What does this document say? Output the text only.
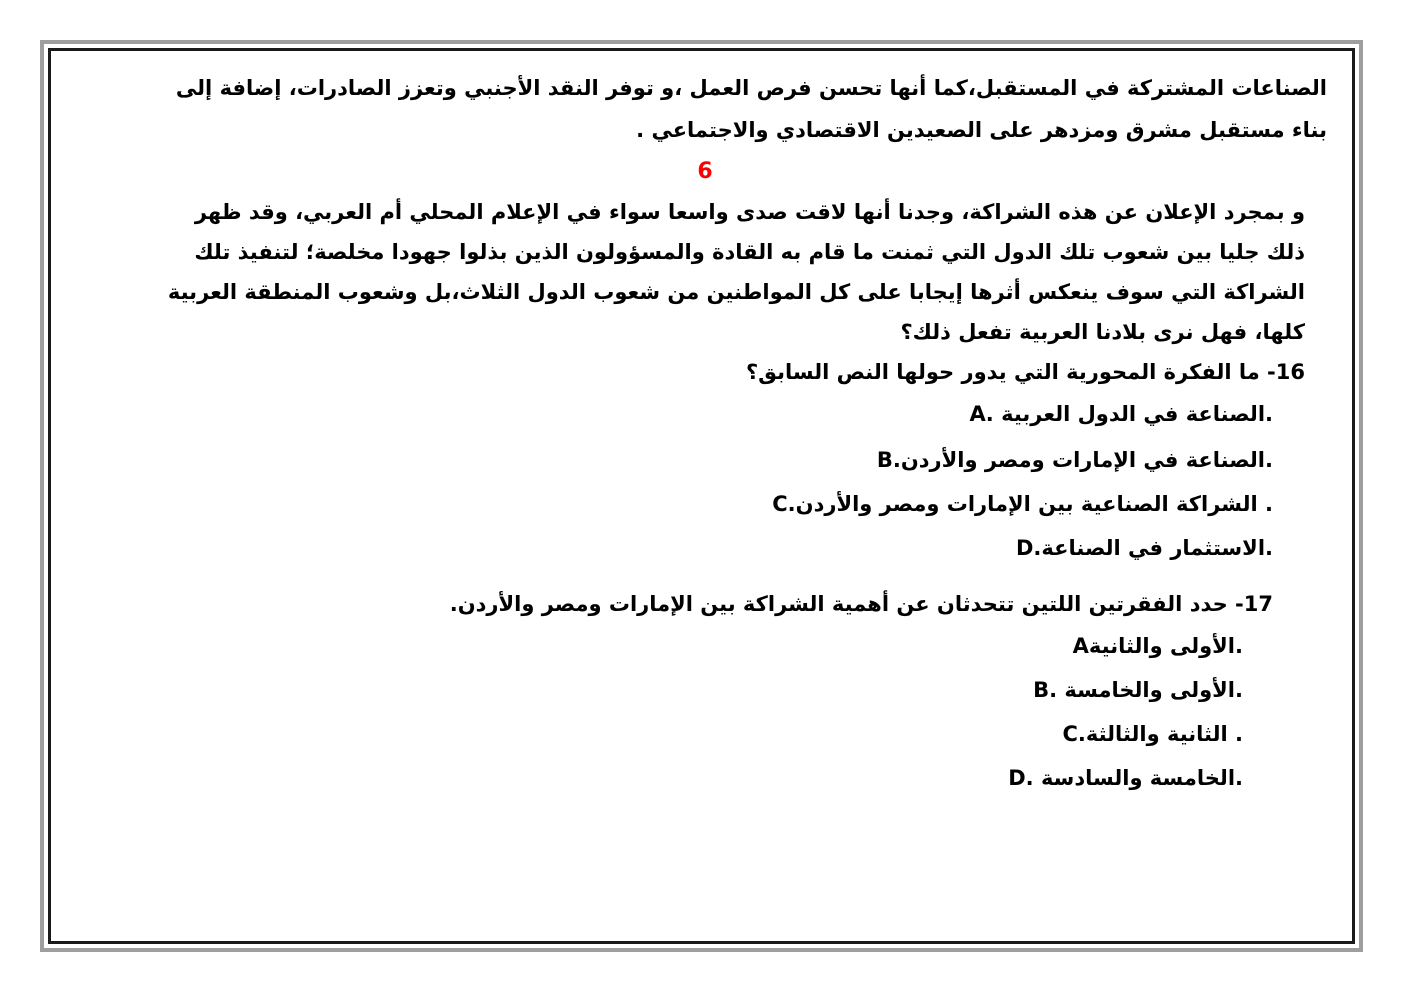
الصناعات المشتركة في المستقبل،كما أنها تحسن فرص العمل ،و توفر النقد الأجنبي وتعزز الصادرات، إضافة إلى
بناء مستقبل مشرق ومزدهر على الصعيدين الاقتصادي والاجتماعي .
6
و بمجرد الإعلان عن هذه الشراكة، وجدنا أنها لاقت صدى واسعا سواء في الإعلام المحلي أم العربي، وقد ظهر
ذلك جليا بين شعوب تلك الدول التي ثمنت ما قام به القادة والمسؤولون الذين بذلوا جهودا مخلصة؛ لتنفيذ تلك
الشراكة التي سوف ينعكس أثرها إيجابا على كل المواطنين من شعوب الدول الثلاث،بل وشعوب المنطقة العربية
كلها، فهل نرى بلادنا العربية تفعل ذلك؟
16- ما الفكرة المحورية التي يدور حولها النص السابق؟
.الصناعة في الدول العربية .A
.الصناعة في الإمارات ومصر والأردن.B
. الشراكة الصناعية بين الإمارات ومصر والأردن.C
.الاستثمار في الصناعة.D
17- حدد الفقرتين اللتين تتحدثان عن أهمية الشراكة بين الإمارات ومصر والأردن.
.الأولى والثانيةA
.الأولى والخامسة .B
. الثانية والثالثة.C
.الخامسة والسادسة .D
